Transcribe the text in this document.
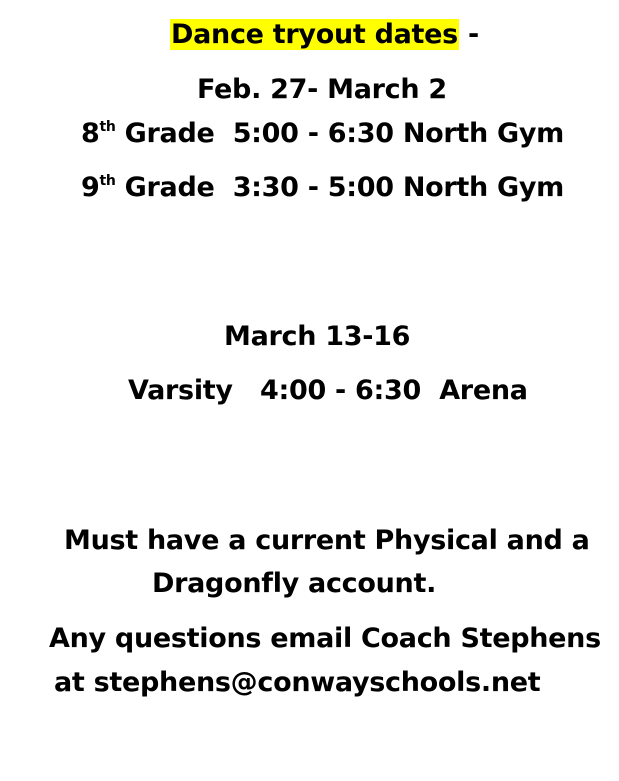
Dance tryout dates -
Feb. 27- March 2
8th Grade  5:00 - 6:30 North Gym
9th Grade  3:30 - 5:00 North Gym
March 13-16
Varsity   4:00 - 6:30  Arena
Must have a current Physical and a
Dragonfly account.
Any questions email Coach Stephens
at stephens@conwayschools.net
